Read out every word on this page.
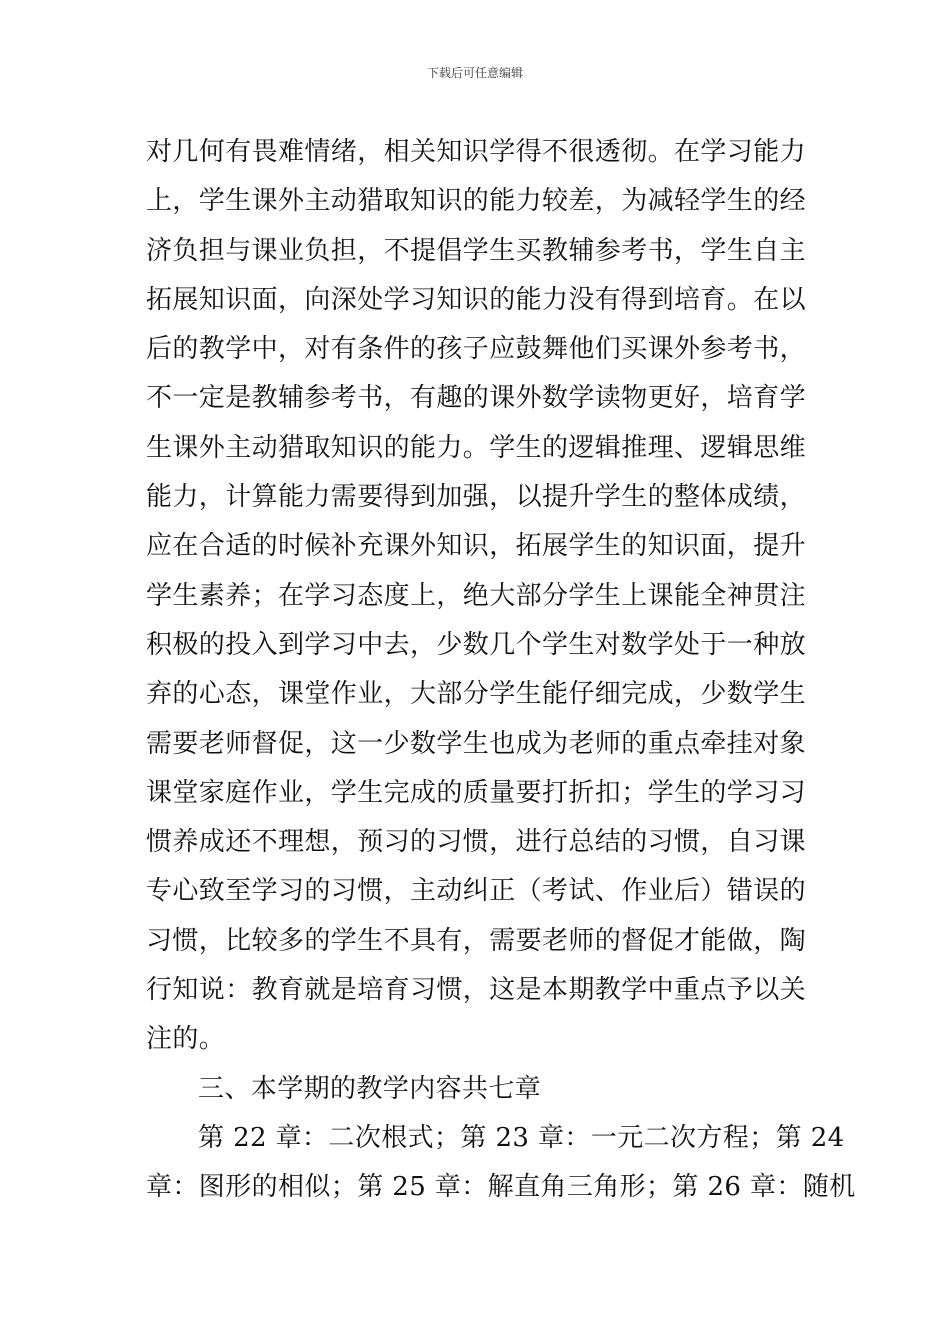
下载后可任意编辑
对几何有畏难情绪，相关知识学得不很透彻。在学习能力
上，学生课外主动猎取知识的能力较差，为减轻学生的经
济负担与课业负担，不提倡学生买教辅参考书，学生自主
拓展知识面，向深处学习知识的能力没有得到培育。在以
后的教学中，对有条件的孩子应鼓舞他们买课外参考书，
不一定是教辅参考书，有趣的课外数学读物更好，培育学
生课外主动猎取知识的能力。学生的逻辑推理、逻辑思维
能力，计算能力需要得到加强，以提升学生的整体成绩，
应在合适的时候补充课外知识，拓展学生的知识面，提升
学生素养；在学习态度上，绝大部分学生上课能全神贯注
积极的投入到学习中去，少数几个学生对数学处于一种放
弃的心态，课堂作业，大部分学生能仔细完成，少数学生
需要老师督促，这一少数学生也成为老师的重点牵挂对象
课堂家庭作业，学生完成的质量要打折扣；学生的学习习
惯养成还不理想，预习的习惯，进行总结的习惯，自习课
专心致至学习的习惯，主动纠正（考试、作业后）错误的
习惯，比较多的学生不具有，需要老师的督促才能做，陶
行知说：教育就是培育习惯，这是本期教学中重点予以关
注的。
三、本学期的教学内容共七章
第 22 章：二次根式；第 23 章：一元二次方程；第 24
章：图形的相似；第 25 章：解直角三角形；第 26 章：随机
